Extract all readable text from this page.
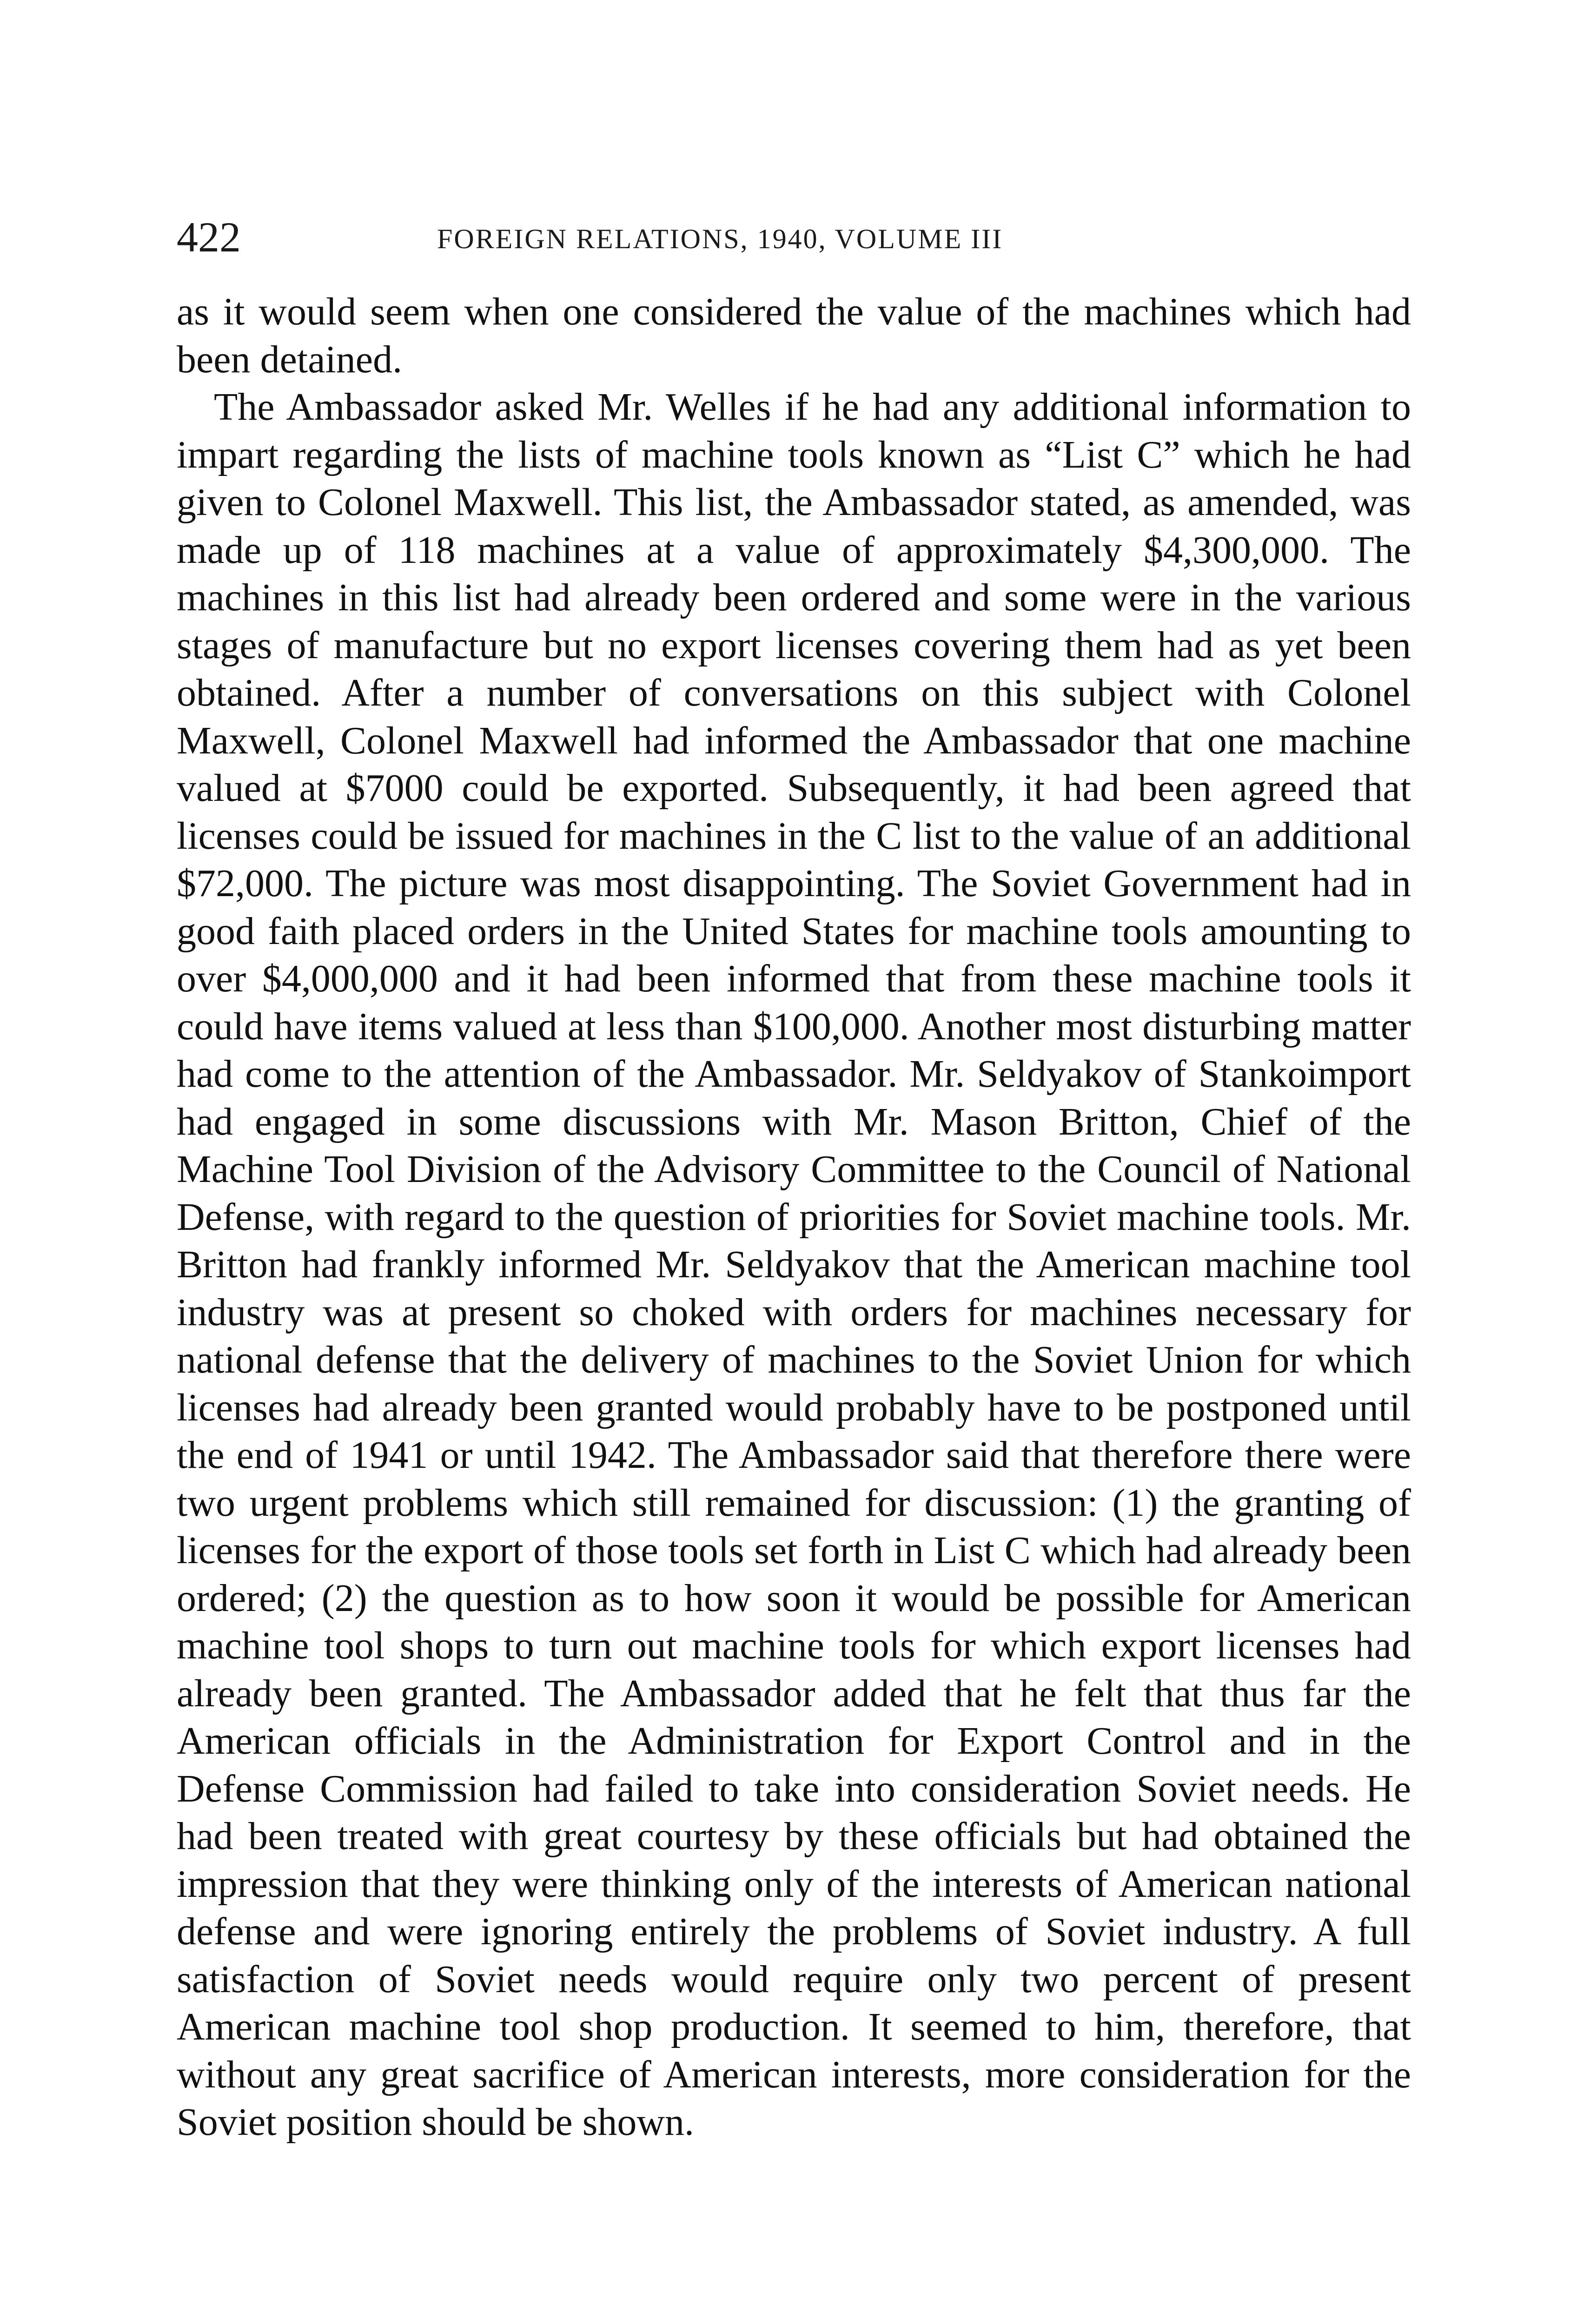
422	FOREIGN RELATIONS, 1940, VOLUME III

as it would seem when one considered the value of the machines which had been detained.

The Ambassador asked Mr. Welles if he had any additional information to impart regarding the lists of machine tools known as “List C” which he had given to Colonel Maxwell. This list, the Ambassador stated, as amended, was made up of 118 machines at a value of approximately $4,300,000. The machines in this list had already been ordered and some were in the various stages of manufacture but no export licenses covering them had as yet been obtained. After a number of conversations on this subject with Colonel Maxwell, Colonel Maxwell had informed the Ambassador that one machine valued at $7000 could be exported. Subsequently, it had been agreed that licenses could be issued for machines in the C list to the value of an additional $72,000. The picture was most disappointing. The Soviet Government had in good faith placed orders in the United States for machine tools amounting to over $4,000,000 and it had been informed that from these machine tools it could have items valued at less than $100,000. Another most disturbing matter had come to the attention of the Ambassador. Mr. Seldyakov of Stankoimport had engaged in some discussions with Mr. Mason Britton, Chief of the Machine Tool Division of the Advisory Committee to the Council of National Defense, with regard to the question of priorities for Soviet machine tools. Mr. Britton had frankly informed Mr. Seldyakov that the American machine tool industry was at present so choked with orders for machines necessary for national defense that the delivery of machines to the Soviet Union for which licenses had already been granted would probably have to be postponed until the end of 1941 or until 1942. The Ambassador said that therefore there were two urgent problems which still remained for discussion: (1) the granting of licenses for the export of those tools set forth in List C which had already been ordered; (2) the question as to how soon it would be possible for American machine tool shops to turn out machine tools for which export licenses had already been granted. The Ambassador added that he felt that thus far the American officials in the Administration for Export Control and in the Defense Commission had failed to take into consideration Soviet needs. He had been treated with great courtesy by these officials but had obtained the impression that they were thinking only of the interests of American national defense and were ignoring entirely the problems of Soviet industry. A full satisfaction of Soviet needs would require only two percent of present American machine tool shop production. It seemed to him, therefore, that without any great sacrifice of American interests, more consideration for the Soviet position should be shown.
